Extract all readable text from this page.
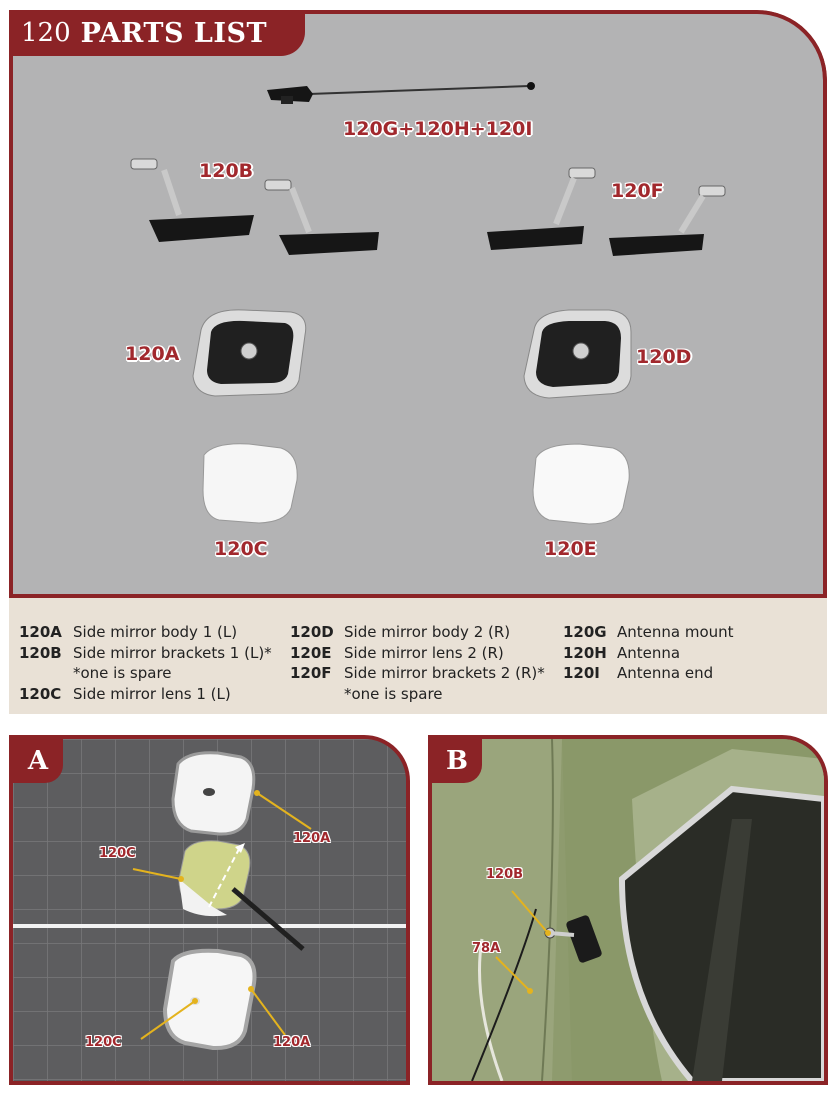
120G+120H+120I
120B
120F
120A	120D
120C	120E
120 PARTS LIST
120A Side mirror body 1 (L)
120B Side mirror brackets 1 (L)*
*one is spare
120C Side mirror lens 1 (L)
120D Side mirror body 2 (R)
120E Side mirror lens 2 (R)
120F Side mirror brackets 2 (R)*
*one is spare
120G Antenna mount
120H Antenna
120I	Antenna end
A
120A
120C
120C	120A
B
120B
78A
